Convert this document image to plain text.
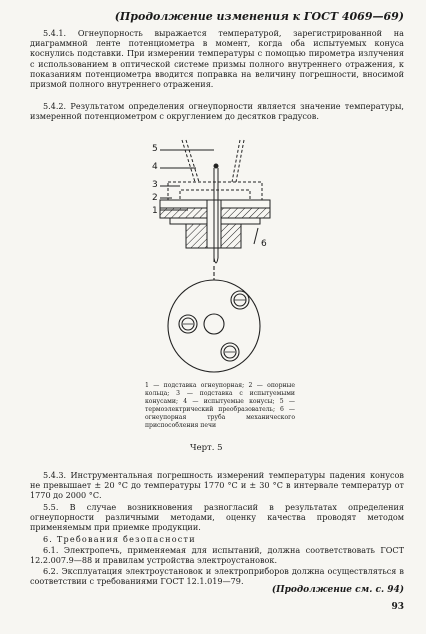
(Продолжение изменения к ГОСТ 4069—69)

5.4.1. Огнеупорность выражается температурой, зарегистрированной на диаграммной ленте потенциометра в момент, когда оба испытуемых конуса коснулись подставки. При измерении температуры с помощью пирометра излучения с использованием в оптической системе призмы полного внутреннего отражения, к показаниям потенциометра вводится поправка на величину погрешности, вносимой призмой полного внутреннего отражения.

5.4.2. Результатом определения огнеупорности является значение температуры, измеренной потенциометром с округлением до десятков градусов.

5
4
3
2
1
6

1 — подставка огнеупорная; 2 — опорные кольца; 3 — подставка с испытуемыми конусами; 4 — испытуемые конусы; 5 — термоэлектрический преобразователь; 6 — огнеупорная труба механического приспособления печи

Черт. 5

5.4.3. Инструментальная погрешность измерений температуры падения конусов не превышает ± 20 °С до температуры 1770 °С и ± 30 °С в интервале температур от 1770 до 2000 °С.

5.5. В случае возникновения разногласий в результатах определения огнеупорности различными методами, оценку качества проводят методом применяемым при приемке продукции.

6. Требования безопасности

6.1. Электропечь, применяемая для испытаний, должна соответствовать ГОСТ 12.2.007.9—88 и правилам устройства электроустановок.

6.2. Эксплуатация электроустановок и электроприборов должна осуществляться в соответствии с требованиями ГОСТ 12.1.019—79.

(Продолжение см. с. 94)
93
